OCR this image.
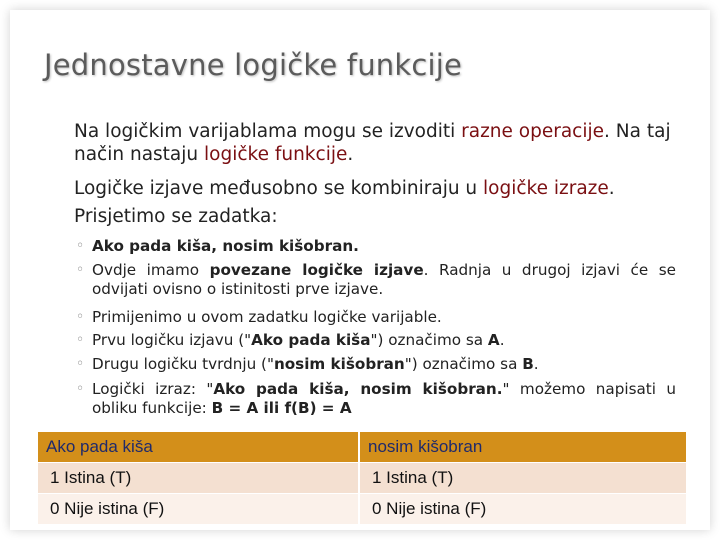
Jednostavne logičke funkcije
Na logičkim varijablama mogu se izvoditi razne operacije. Na taj način nastaju logičke funkcije.
Logičke izjave međusobno se kombiniraju u logičke izraze.
Prisjetimo se zadatka:
◦ Ako pada kiša, nosim kišobran.
◦ Ovdje imamo povezane logičke izjave. Radnja u drugoj izjavi će se odvijati ovisno o istinitosti prve izjave.
◦ Primijenimo u ovom zadatku logičke varijable.
◦ Prvu logičku izjavu ("Ako pada kiša") označimo sa A.
◦ Drugu logičku tvrdnju ("nosim kišobran") označimo sa B.
◦ Logički izraz: "Ako pada kiša, nosim kišobran." možemo napisati u obliku funkcije: B = A ili f(B) = A
Ako pada kiša	nosim kišobran
1 Istina (T)	1 Istina (T)
0 Nije istina (F)	0 Nije istina (F)
